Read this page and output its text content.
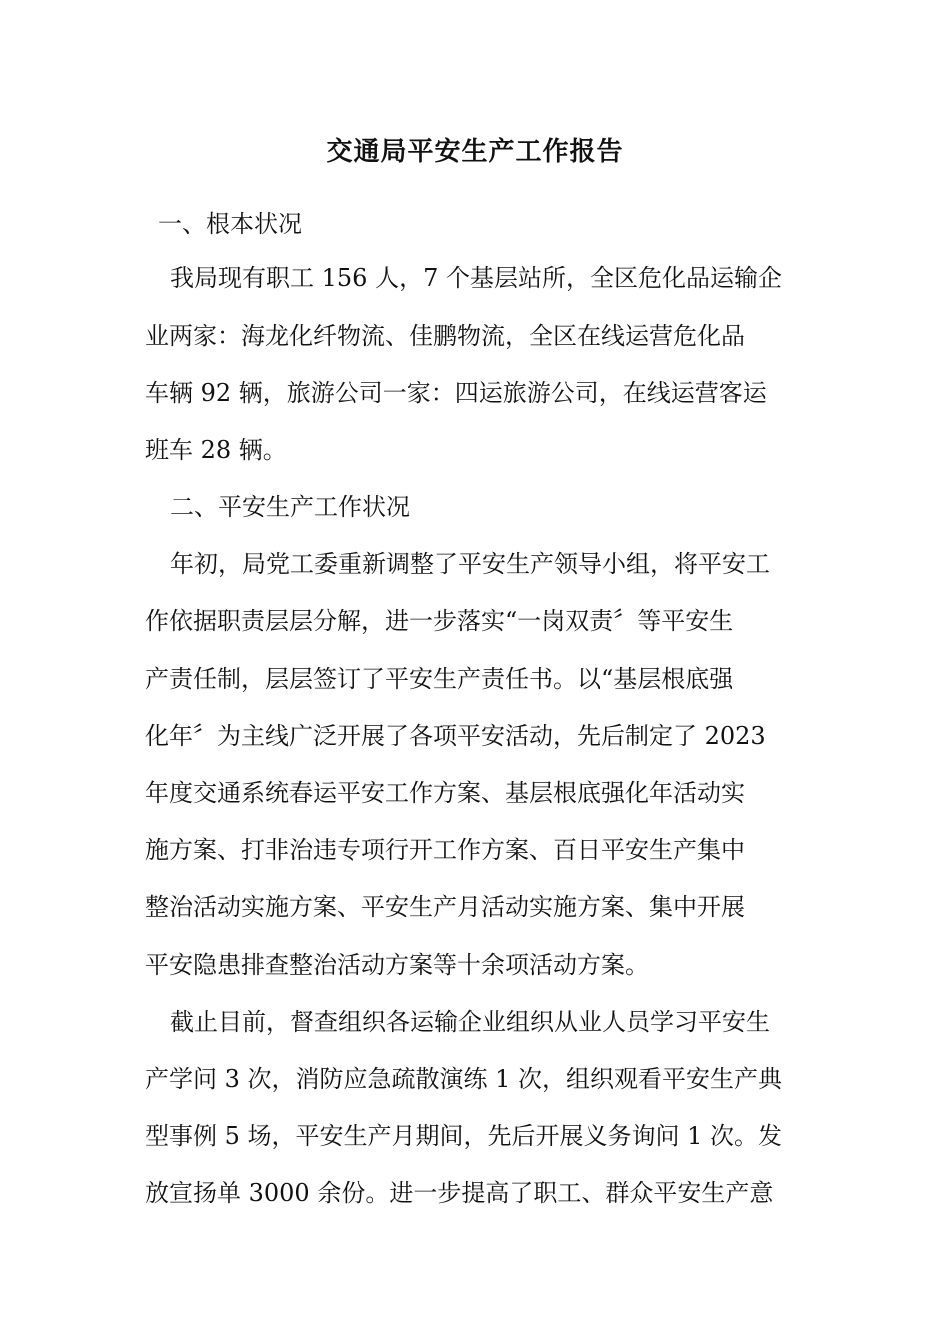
交通局平安生产工作报告
一、根本状况
我局现有职工 156 人，7 个基层站所，全区危化品运输企
业两家：海龙化纤物流、佳鹏物流，全区在线运营危化品
车辆 92 辆，旅游公司一家：四运旅游公司，在线运营客运
班车 28 辆。
二、平安生产工作状况
年初，局党工委重新调整了平安生产领导小组，将平安工
作依据职责层层分解，进一步落实“一岗双责〞等平安生
产责任制，层层签订了平安生产责任书。以“基层根底强
化年〞为主线广泛开展了各项平安活动，先后制定了 2023
年度交通系统春运平安工作方案、基层根底强化年活动实
施方案、打非治违专项行开工作方案、百日平安生产集中
整治活动实施方案、平安生产月活动实施方案、集中开展
平安隐患排查整治活动方案等十余项活动方案。
截止目前，督查组织各运输企业组织从业人员学习平安生
产学问 3 次，消防应急疏散演练 1 次，组织观看平安生产典
型事例 5 场，平安生产月期间，先后开展义务询问 1 次。发
放宣扬单 3000 余份。进一步提高了职工、群众平安生产意
